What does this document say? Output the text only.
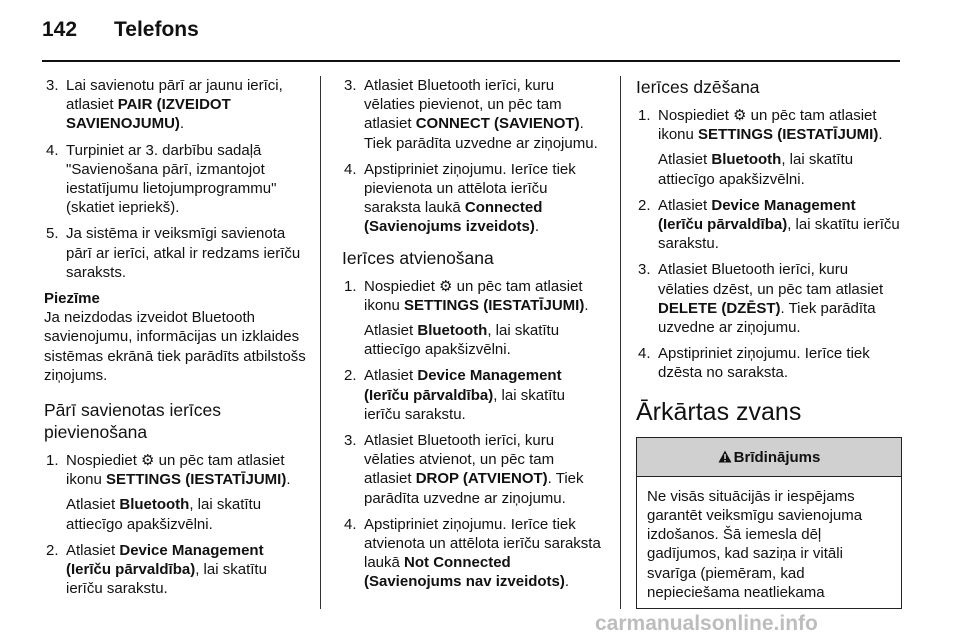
142 Telefons
3. Lai savienotu pārī ar jaunu ierīci, atlasiet PAIR (IZVEIDOT SAVIENOJUMU).
4. Turpiniet ar 3. darbību sadaļā "Savienošana pārī, izmantojot iestatījumu lietojumprogrammu" (skatiet iepriekš).
5. Ja sistēma ir veiksmīgi savienota pārī ar ierīci, atkal ir redzams ierīču saraksts.
Piezīme
Ja neizdodas izveidot Bluetooth savienojumu, informācijas un izklaides sistēmas ekrānā tiek parādīts atbilstošs ziņojums.
Pārī savienotas ierīces pievienošana
1. Nospiediet ⚙ un pēc tam atlasiet ikonu SETTINGS (IESTATĪJUMI).
Atlasiet Bluetooth, lai skatītu attiecīgo apakšizvēlni.
2. Atlasiet Device Management (Ierīču pārvaldība), lai skatītu ierīču sarakstu.
3. Atlasiet Bluetooth ierīci, kuru vēlaties pievienot, un pēc tam atlasiet CONNECT (SAVIENOT). Tiek parādīta uzvedne ar ziņojumu.
4. Apstipriniet ziņojumu. Ierīce tiek pievienota un attēlota ierīču saraksta laukā Connected (Savienojums izveidots).
Ierīces atvienošana
1. Nospiediet ⚙ un pēc tam atlasiet ikonu SETTINGS (IESTATĪJUMI).
Atlasiet Bluetooth, lai skatītu attiecīgo apakšizvēlni.
2. Atlasiet Device Management (Ierīču pārvaldība), lai skatītu ierīču sarakstu.
3. Atlasiet Bluetooth ierīci, kuru vēlaties atvienot, un pēc tam atlasiet DROP (ATVIENOT). Tiek parādīta uzvedne ar ziņojumu.
4. Apstipriniet ziņojumu. Ierīce tiek atvienota un attēlota ierīču saraksta laukā Not Connected (Savienojums nav izveidots).
Ierīces dzēšana
1. Nospiediet ⚙ un pēc tam atlasiet ikonu SETTINGS (IESTATĪJUMI).
Atlasiet Bluetooth, lai skatītu attiecīgo apakšizvēlni.
2. Atlasiet Device Management (Ierīču pārvaldība), lai skatītu ierīču sarakstu.
3. Atlasiet Bluetooth ierīci, kuru vēlaties dzēst, un pēc tam atlasiet DELETE (DZĒST). Tiek parādīta uzvedne ar ziņojumu.
4. Apstipriniet ziņojumu. Ierīce tiek dzēsta no saraksta.
Ārkārtas zvans
Brīdinājums
Ne visās situācijās ir iespējams garantēt veiksmīgu savienojuma izdošanos. Šā iemesla dēļ gadījumos, kad saziņa ir vitāli svarīga (piemēram, kad nepieciešama neatliekama
carmanualsonline.info
